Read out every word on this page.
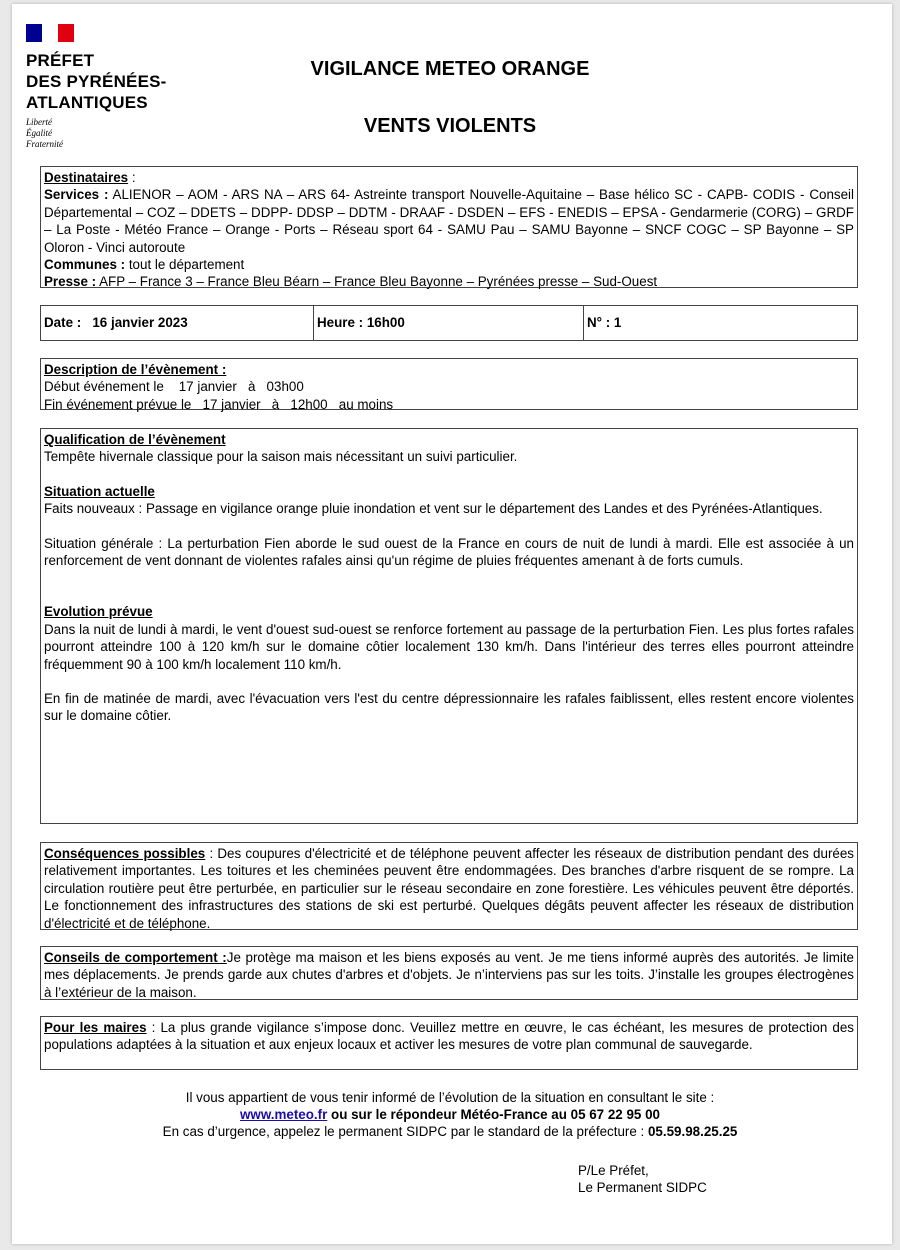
PRÉFET
DES PYRÉNÉES-
ATLANTIQUES
Liberté
Égalité
Fraternité
VIGILANCE METEO ORANGE
VENTS VIOLENTS
Destinataires :
Services : ALIENOR – AOM - ARS NA – ARS 64- Astreinte transport Nouvelle-Aquitaine – Base hélico SC - CAPB- CODIS - Conseil Départemental – COZ – DDETS – DDPP- DDSP – DDTM - DRAAF - DSDEN – EFS - ENEDIS – EPSA - Gendarmerie (CORG) – GRDF – La Poste - Météo France – Orange - Ports – Réseau sport 64 - SAMU Pau – SAMU Bayonne – SNCF COGC – SP Bayonne – SP Oloron - Vinci autoroute
Communes : tout le département
Presse : AFP – France 3 – France Bleu Béarn – France Bleu Bayonne – Pyrénées presse – Sud-Ouest
Date :   16 janvier 2023	Heure : 16h00	N° : 1
Description de l’évènement :
Début événement le    17 janvier   à   03h00
Fin événement prévue le   17 janvier   à   12h00   au moins
Qualification de l’évènement
Tempête hivernale classique pour la saison mais nécessitant un suivi particulier.
Situation actuelle
Faits nouveaux : Passage en vigilance orange pluie inondation et vent sur le département des Landes et des Pyrénées-Atlantiques.
Situation générale : La perturbation Fien aborde le sud ouest de la France en cours de nuit de lundi à mardi. Elle est associée à un renforcement de vent donnant de violentes rafales ainsi qu'un régime de pluies fréquentes amenant à de forts cumuls.
Evolution prévue
Dans la nuit de lundi à mardi, le vent d'ouest sud-ouest se renforce fortement au passage de la perturbation Fien. Les plus fortes rafales pourront atteindre 100 à 120 km/h sur le domaine côtier localement 130 km/h. Dans l'intérieur des terres elles pourront atteindre fréquemment 90 à 100 km/h localement 110 km/h.
En fin de matinée de mardi, avec l'évacuation vers l'est du centre dépressionnaire les rafales faiblissent, elles restent encore violentes sur le domaine côtier.
Conséquences possibles : Des coupures d'électricité et de téléphone peuvent affecter les réseaux de distribution pendant des durées relativement importantes. Les toitures et les cheminées peuvent être endommagées. Des branches d'arbre risquent de se rompre. La circulation routière peut être perturbée, en particulier sur le réseau secondaire en zone forestière. Les véhicules peuvent être déportés. Le fonctionnement des infrastructures des stations de ski est perturbé. Quelques dégâts peuvent affecter les réseaux de distribution d'électricité et de téléphone.
Conseils de comportement :Je protège ma maison et les biens exposés au vent. Je me tiens informé auprès des autorités. Je limite mes déplacements. Je prends garde aux chutes d'arbres et d'objets. Je n’interviens pas sur les toits. J’installe les groupes électrogènes à l’extérieur de la maison.
Pour les maires : La plus grande vigilance s’impose donc. Veuillez mettre en œuvre, le cas échéant, les mesures de protection des populations adaptées à la situation et aux enjeux locaux et activer les mesures de votre plan communal de sauvegarde.
Il vous appartient de vous tenir informé de l’évolution de la situation en consultant le site :
www.meteo.fr ou sur le répondeur Météo-France au 05 67 22 95 00
En cas d’urgence, appelez le permanent SIDPC par le standard de la préfecture : 05.59.98.25.25
P/Le Préfet,
Le Permanent SIDPC
